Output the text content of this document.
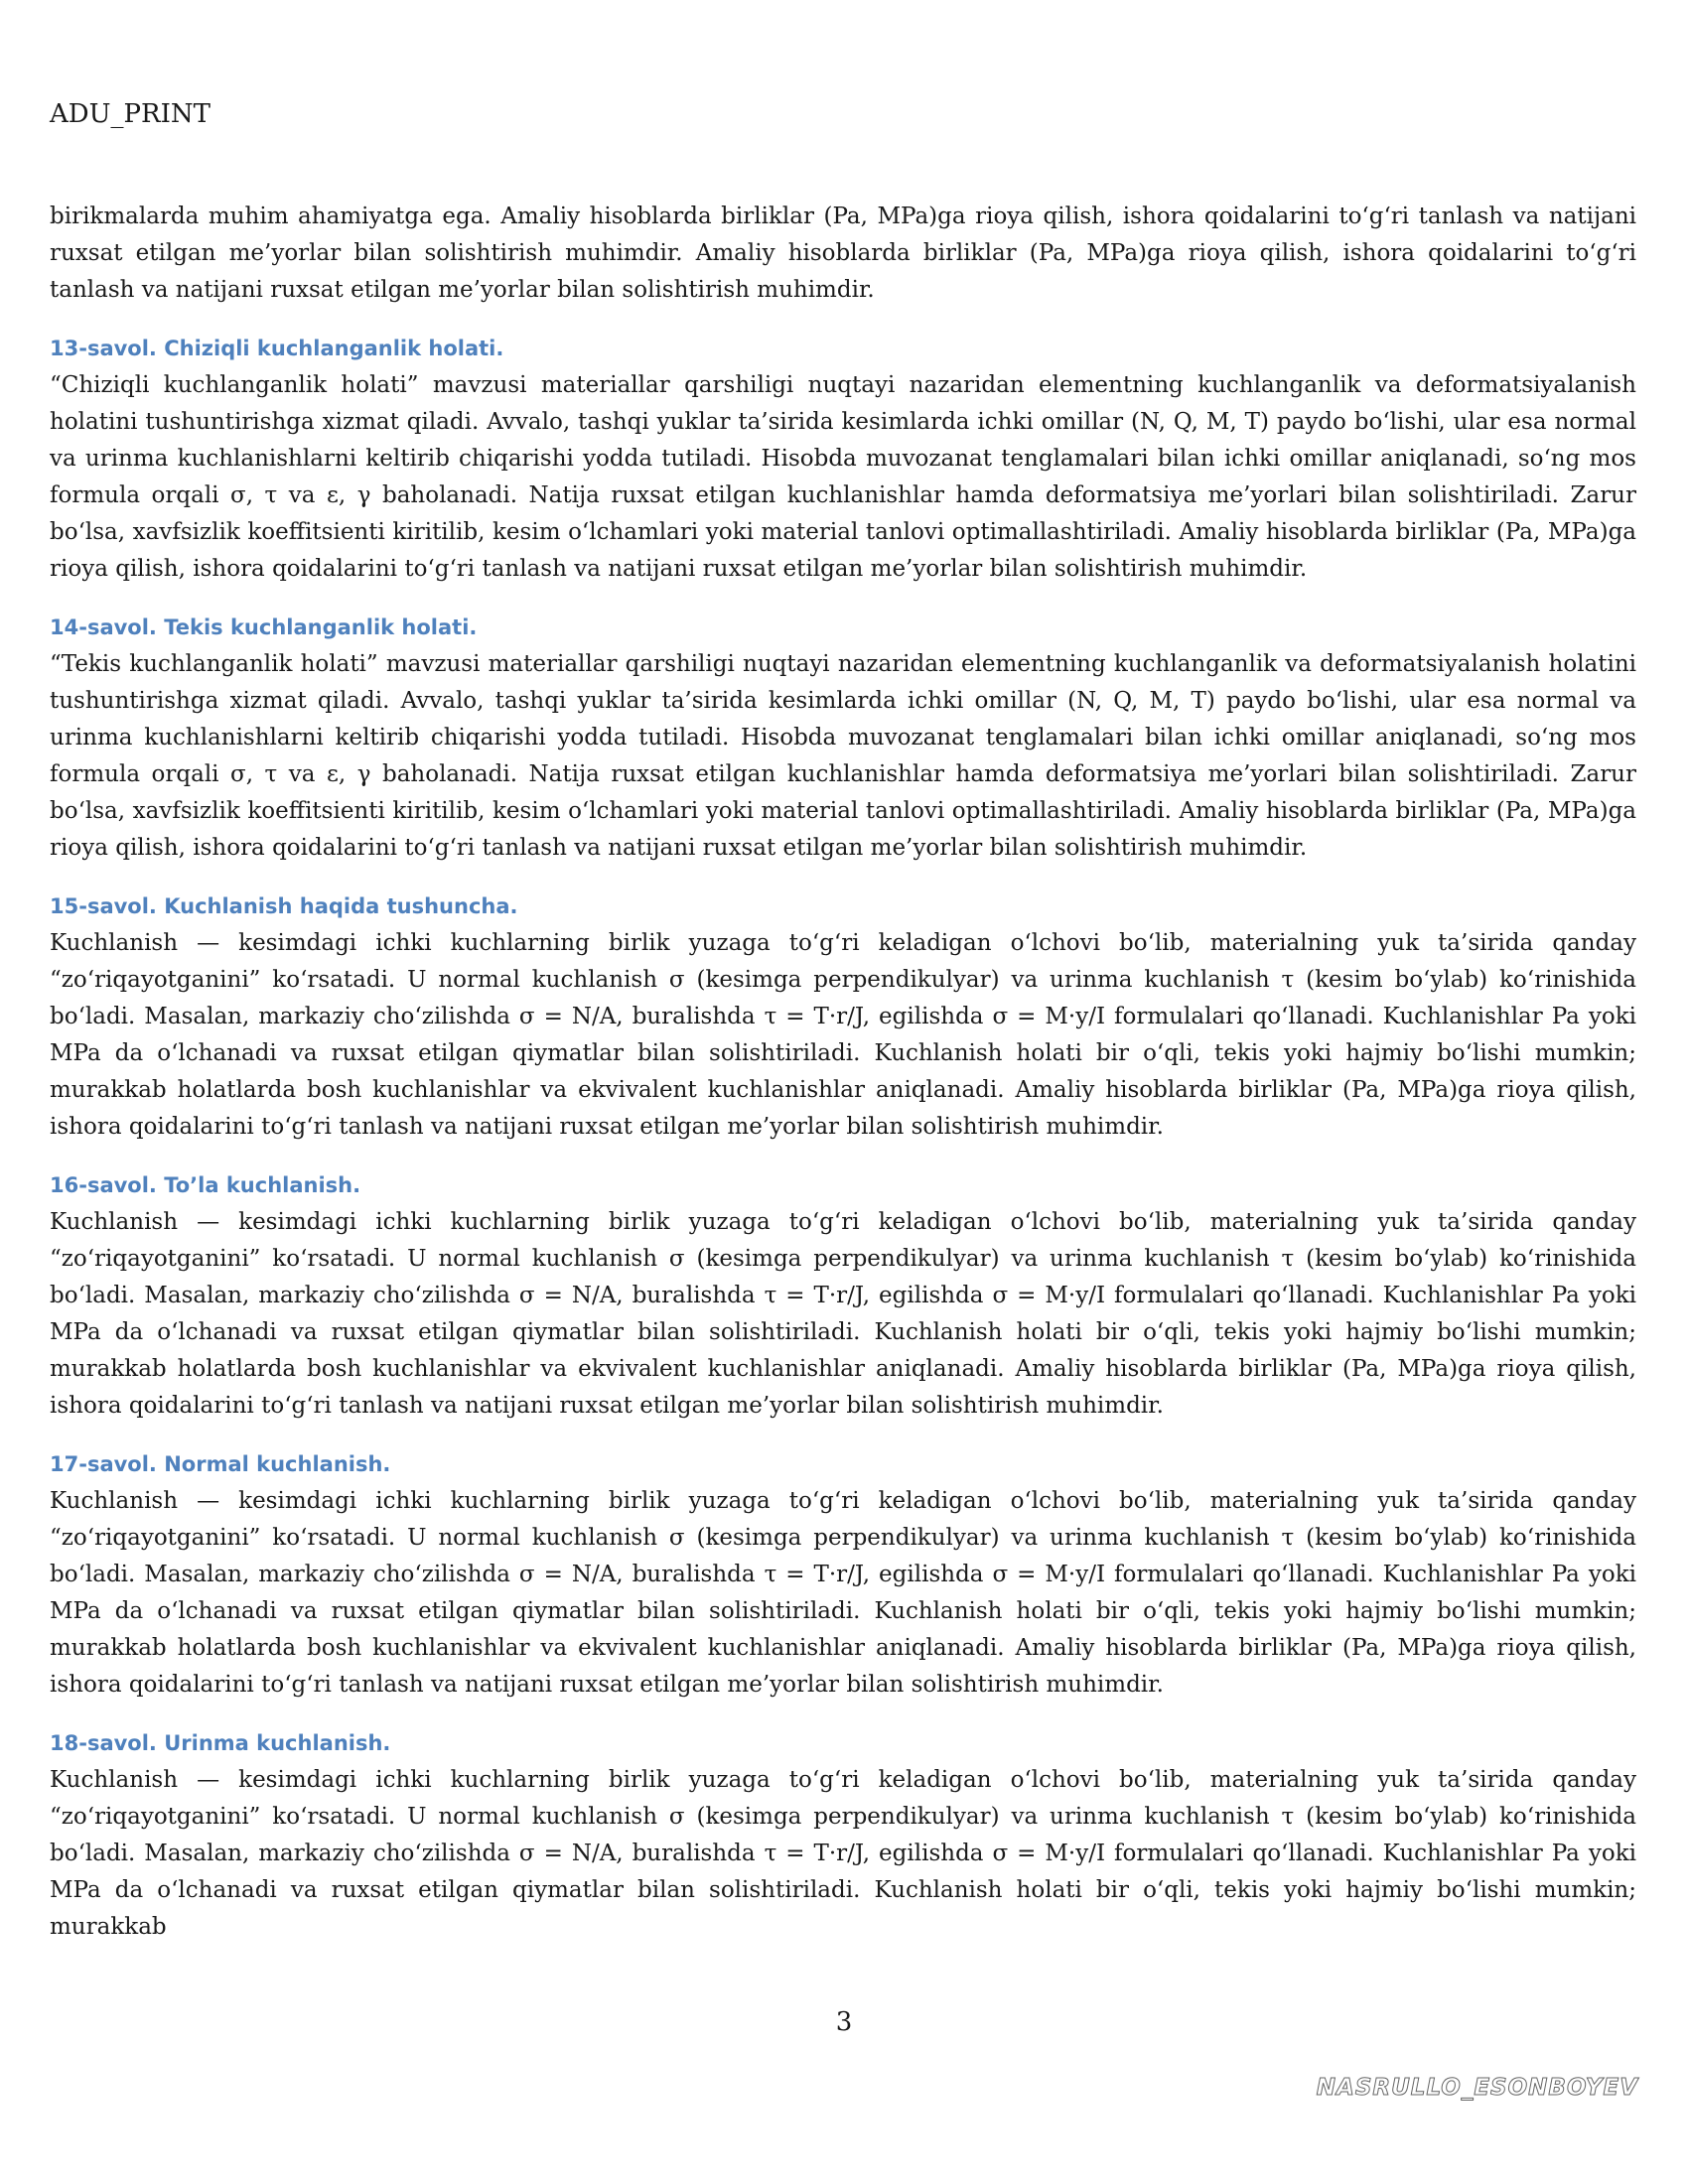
ADU_PRINT

birikmalarda muhim ahamiyatga ega. Amaliy hisoblarda birliklar (Pa, MPa)ga rioya qilish, ishora qoidalarini to‘g‘ri tanlash va natijani ruxsat etilgan me’yorlar bilan solishtirish muhimdir. Amaliy hisoblarda birliklar (Pa, MPa)ga rioya qilish, ishora qoidalarini to‘g‘ri tanlash va natijani ruxsat etilgan me’yorlar bilan solishtirish muhimdir.

13-savol. Chiziqli kuchlanganlik holati.

“Chiziqli kuchlanganlik holati” mavzusi materiallar qarshiligi nuqtayi nazaridan elementning kuchlanganlik va deformatsiyalanish holatini tushuntirishga xizmat qiladi. Avvalo, tashqi yuklar ta’sirida kesimlarda ichki omillar (N, Q, M, T) paydo bo‘lishi, ular esa normal va urinma kuchlanishlarni keltirib chiqarishi yodda tutiladi. Hisobda muvozanat tenglamalari bilan ichki omillar aniqlanadi, so‘ng mos formula orqali σ, τ va ε, γ baholanadi. Natija ruxsat etilgan kuchlanishlar hamda deformatsiya me’yorlari bilan solishtiriladi. Zarur bo‘lsa, xavfsizlik koeffitsienti kiritilib, kesim o‘lchamlari yoki material tanlovi optimallashtiriladi. Amaliy hisoblarda birliklar (Pa, MPa)ga rioya qilish, ishora qoidalarini to‘g‘ri tanlash va natijani ruxsat etilgan me’yorlar bilan solishtirish muhimdir.

14-savol. Tekis kuchlanganlik holati.

“Tekis kuchlanganlik holati” mavzusi materiallar qarshiligi nuqtayi nazaridan elementning kuchlanganlik va deformatsiyalanish holatini tushuntirishga xizmat qiladi. Avvalo, tashqi yuklar ta’sirida kesimlarda ichki omillar (N, Q, M, T) paydo bo‘lishi, ular esa normal va urinma kuchlanishlarni keltirib chiqarishi yodda tutiladi. Hisobda muvozanat tenglamalari bilan ichki omillar aniqlanadi, so‘ng mos formula orqali σ, τ va ε, γ baholanadi. Natija ruxsat etilgan kuchlanishlar hamda deformatsiya me’yorlari bilan solishtiriladi. Zarur bo‘lsa, xavfsizlik koeffitsienti kiritilib, kesim o‘lchamlari yoki material tanlovi optimallashtiriladi. Amaliy hisoblarda birliklar (Pa, MPa)ga rioya qilish, ishora qoidalarini to‘g‘ri tanlash va natijani ruxsat etilgan me’yorlar bilan solishtirish muhimdir.

15-savol. Kuchlanish haqida tushuncha.

Kuchlanish — kesimdagi ichki kuchlarning birlik yuzaga to‘g‘ri keladigan o‘lchovi bo‘lib, materialning yuk ta’sirida qanday “zo‘riqayotganini” ko‘rsatadi. U normal kuchlanish σ (kesimga perpendikulyar) va urinma kuchlanish τ (kesim bo‘ylab) ko‘rinishida bo‘ladi. Masalan, markaziy cho‘zilishda σ = N/A, buralishda τ = T·r/J, egilishda σ = M·y/I formulalari qo‘llanadi. Kuchlanishlar Pa yoki MPa da o‘lchanadi va ruxsat etilgan qiymatlar bilan solishtiriladi. Kuchlanish holati bir o‘qli, tekis yoki hajmiy bo‘lishi mumkin; murakkab holatlarda bosh kuchlanishlar va ekvivalent kuchlanishlar aniqlanadi. Amaliy hisoblarda birliklar (Pa, MPa)ga rioya qilish, ishora qoidalarini to‘g‘ri tanlash va natijani ruxsat etilgan me’yorlar bilan solishtirish muhimdir.

16-savol. To’la kuchlanish.

Kuchlanish — kesimdagi ichki kuchlarning birlik yuzaga to‘g‘ri keladigan o‘lchovi bo‘lib, materialning yuk ta’sirida qanday “zo‘riqayotganini” ko‘rsatadi. U normal kuchlanish σ (kesimga perpendikulyar) va urinma kuchlanish τ (kesim bo‘ylab) ko‘rinishida bo‘ladi. Masalan, markaziy cho‘zilishda σ = N/A, buralishda τ = T·r/J, egilishda σ = M·y/I formulalari qo‘llanadi. Kuchlanishlar Pa yoki MPa da o‘lchanadi va ruxsat etilgan qiymatlar bilan solishtiriladi. Kuchlanish holati bir o‘qli, tekis yoki hajmiy bo‘lishi mumkin; murakkab holatlarda bosh kuchlanishlar va ekvivalent kuchlanishlar aniqlanadi. Amaliy hisoblarda birliklar (Pa, MPa)ga rioya qilish, ishora qoidalarini to‘g‘ri tanlash va natijani ruxsat etilgan me’yorlar bilan solishtirish muhimdir.

17-savol. Normal kuchlanish.

Kuchlanish — kesimdagi ichki kuchlarning birlik yuzaga to‘g‘ri keladigan o‘lchovi bo‘lib, materialning yuk ta’sirida qanday “zo‘riqayotganini” ko‘rsatadi. U normal kuchlanish σ (kesimga perpendikulyar) va urinma kuchlanish τ (kesim bo‘ylab) ko‘rinishida bo‘ladi. Masalan, markaziy cho‘zilishda σ = N/A, buralishda τ = T·r/J, egilishda σ = M·y/I formulalari qo‘llanadi. Kuchlanishlar Pa yoki MPa da o‘lchanadi va ruxsat etilgan qiymatlar bilan solishtiriladi. Kuchlanish holati bir o‘qli, tekis yoki hajmiy bo‘lishi mumkin; murakkab holatlarda bosh kuchlanishlar va ekvivalent kuchlanishlar aniqlanadi. Amaliy hisoblarda birliklar (Pa, MPa)ga rioya qilish, ishora qoidalarini to‘g‘ri tanlash va natijani ruxsat etilgan me’yorlar bilan solishtirish muhimdir.

18-savol. Urinma kuchlanish.

Kuchlanish — kesimdagi ichki kuchlarning birlik yuzaga to‘g‘ri keladigan o‘lchovi bo‘lib, materialning yuk ta’sirida qanday “zo‘riqayotganini” ko‘rsatadi. U normal kuchlanish σ (kesimga perpendikulyar) va urinma kuchlanish τ (kesim bo‘ylab) ko‘rinishida bo‘ladi. Masalan, markaziy cho‘zilishda σ = N/A, buralishda τ = T·r/J, egilishda σ = M·y/I formulalari qo‘llanadi. Kuchlanishlar Pa yoki MPa da o‘lchanadi va ruxsat etilgan qiymatlar bilan solishtiriladi. Kuchlanish holati bir o‘qli, tekis yoki hajmiy bo‘lishi mumkin; murakkab

3
NASRULLO_ESONBOYEV
